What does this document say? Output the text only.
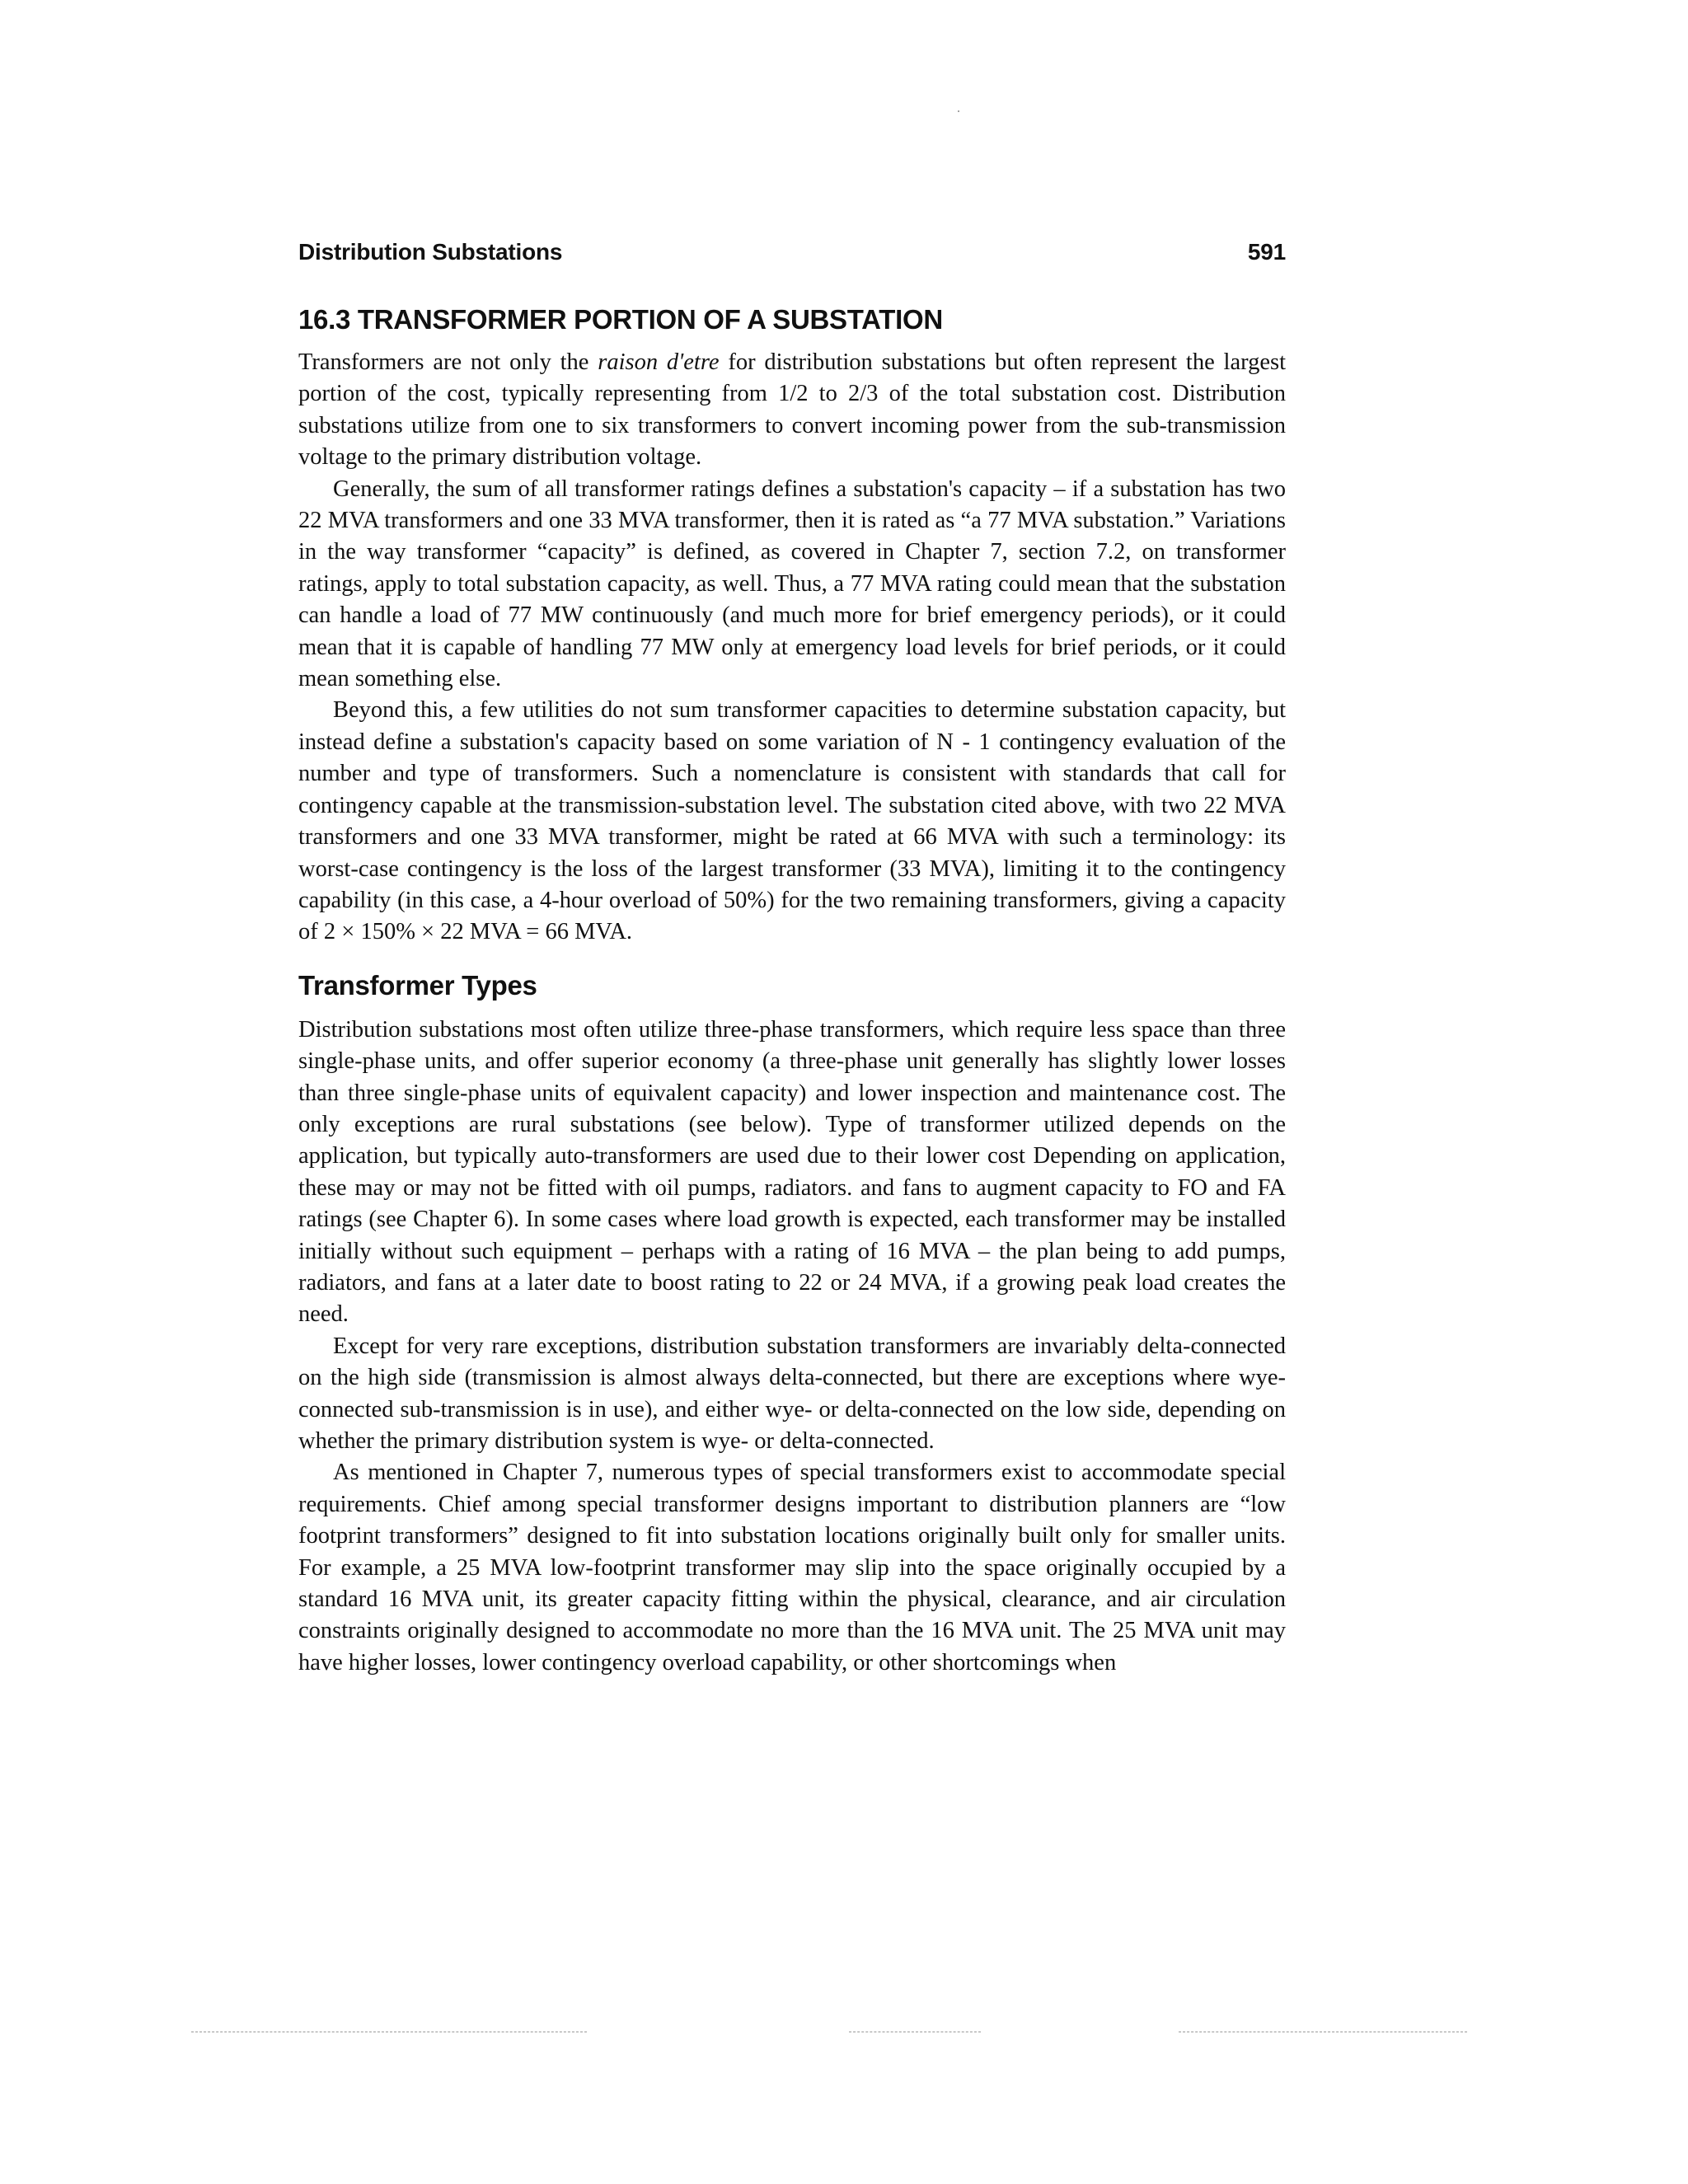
Distribution Substations	591
16.3 TRANSFORMER PORTION OF A SUBSTATION

Transformers are not only the raison d'etre for distribution substations but often represent the largest portion of the cost, typically representing from 1/2 to 2/3 of the total substation cost. Distribution substations utilize from one to six transformers to convert incoming power from the sub-transmission voltage to the primary distribution voltage.

Generally, the sum of all transformer ratings defines a substation's capacity – if a substation has two 22 MVA transformers and one 33 MVA transformer, then it is rated as “a 77 MVA substation.” Variations in the way transformer “capacity” is defined, as covered in Chapter 7, section 7.2, on transformer ratings, apply to total substation capacity, as well. Thus, a 77 MVA rating could mean that the substation can handle a load of 77 MW continuously (and much more for brief emergency periods), or it could mean that it is capable of handling 77 MW only at emergency load levels for brief periods, or it could mean something else.

Beyond this, a few utilities do not sum transformer capacities to determine substation capacity, but instead define a substation's capacity based on some variation of N - 1 contingency evaluation of the number and type of transformers. Such a nomenclature is consistent with standards that call for contingency capable at the transmission-substation level. The substation cited above, with two 22 MVA transformers and one 33 MVA transformer, might be rated at 66 MVA with such a terminology: its worst-case contingency is the loss of the largest transformer (33 MVA), limiting it to the contingency capability (in this case, a 4-hour overload of 50%) for the two remaining transformers, giving a capacity of 2 × 150% × 22 MVA = 66 MVA.

Transformer Types

Distribution substations most often utilize three-phase transformers, which require less space than three single-phase units, and offer superior economy (a three-phase unit generally has slightly lower losses than three single-phase units of equivalent capacity) and lower inspection and maintenance cost. The only exceptions are rural substations (see below). Type of transformer utilized depends on the application, but typically auto-transformers are used due to their lower cost Depending on application, these may or may not be fitted with oil pumps, radiators. and fans to augment capacity to FO and FA ratings (see Chapter 6). In some cases where load growth is expected, each transformer may be installed initially without such equipment – perhaps with a rating of 16 MVA – the plan being to add pumps, radiators, and fans at a later date to boost rating to 22 or 24 MVA, if a growing peak load creates the need.

Except for very rare exceptions, distribution substation transformers are invariably delta-connected on the high side (transmission is almost always delta-connected, but there are exceptions where wye-connected sub-transmission is in use), and either wye- or delta-connected on the low side, depending on whether the primary distribution system is wye- or delta-connected.

As mentioned in Chapter 7, numerous types of special transformers exist to accommodate special requirements. Chief among special transformer designs important to distribution planners are “low footprint transformers” designed to fit into substation locations originally built only for smaller units. For example, a 25 MVA low-footprint transformer may slip into the space originally occupied by a standard 16 MVA unit, its greater capacity fitting within the physical, clearance, and air circulation constraints originally designed to accommodate no more than the 16 MVA unit. The 25 MVA unit may have higher losses, lower contingency overload capability, or other shortcomings when
